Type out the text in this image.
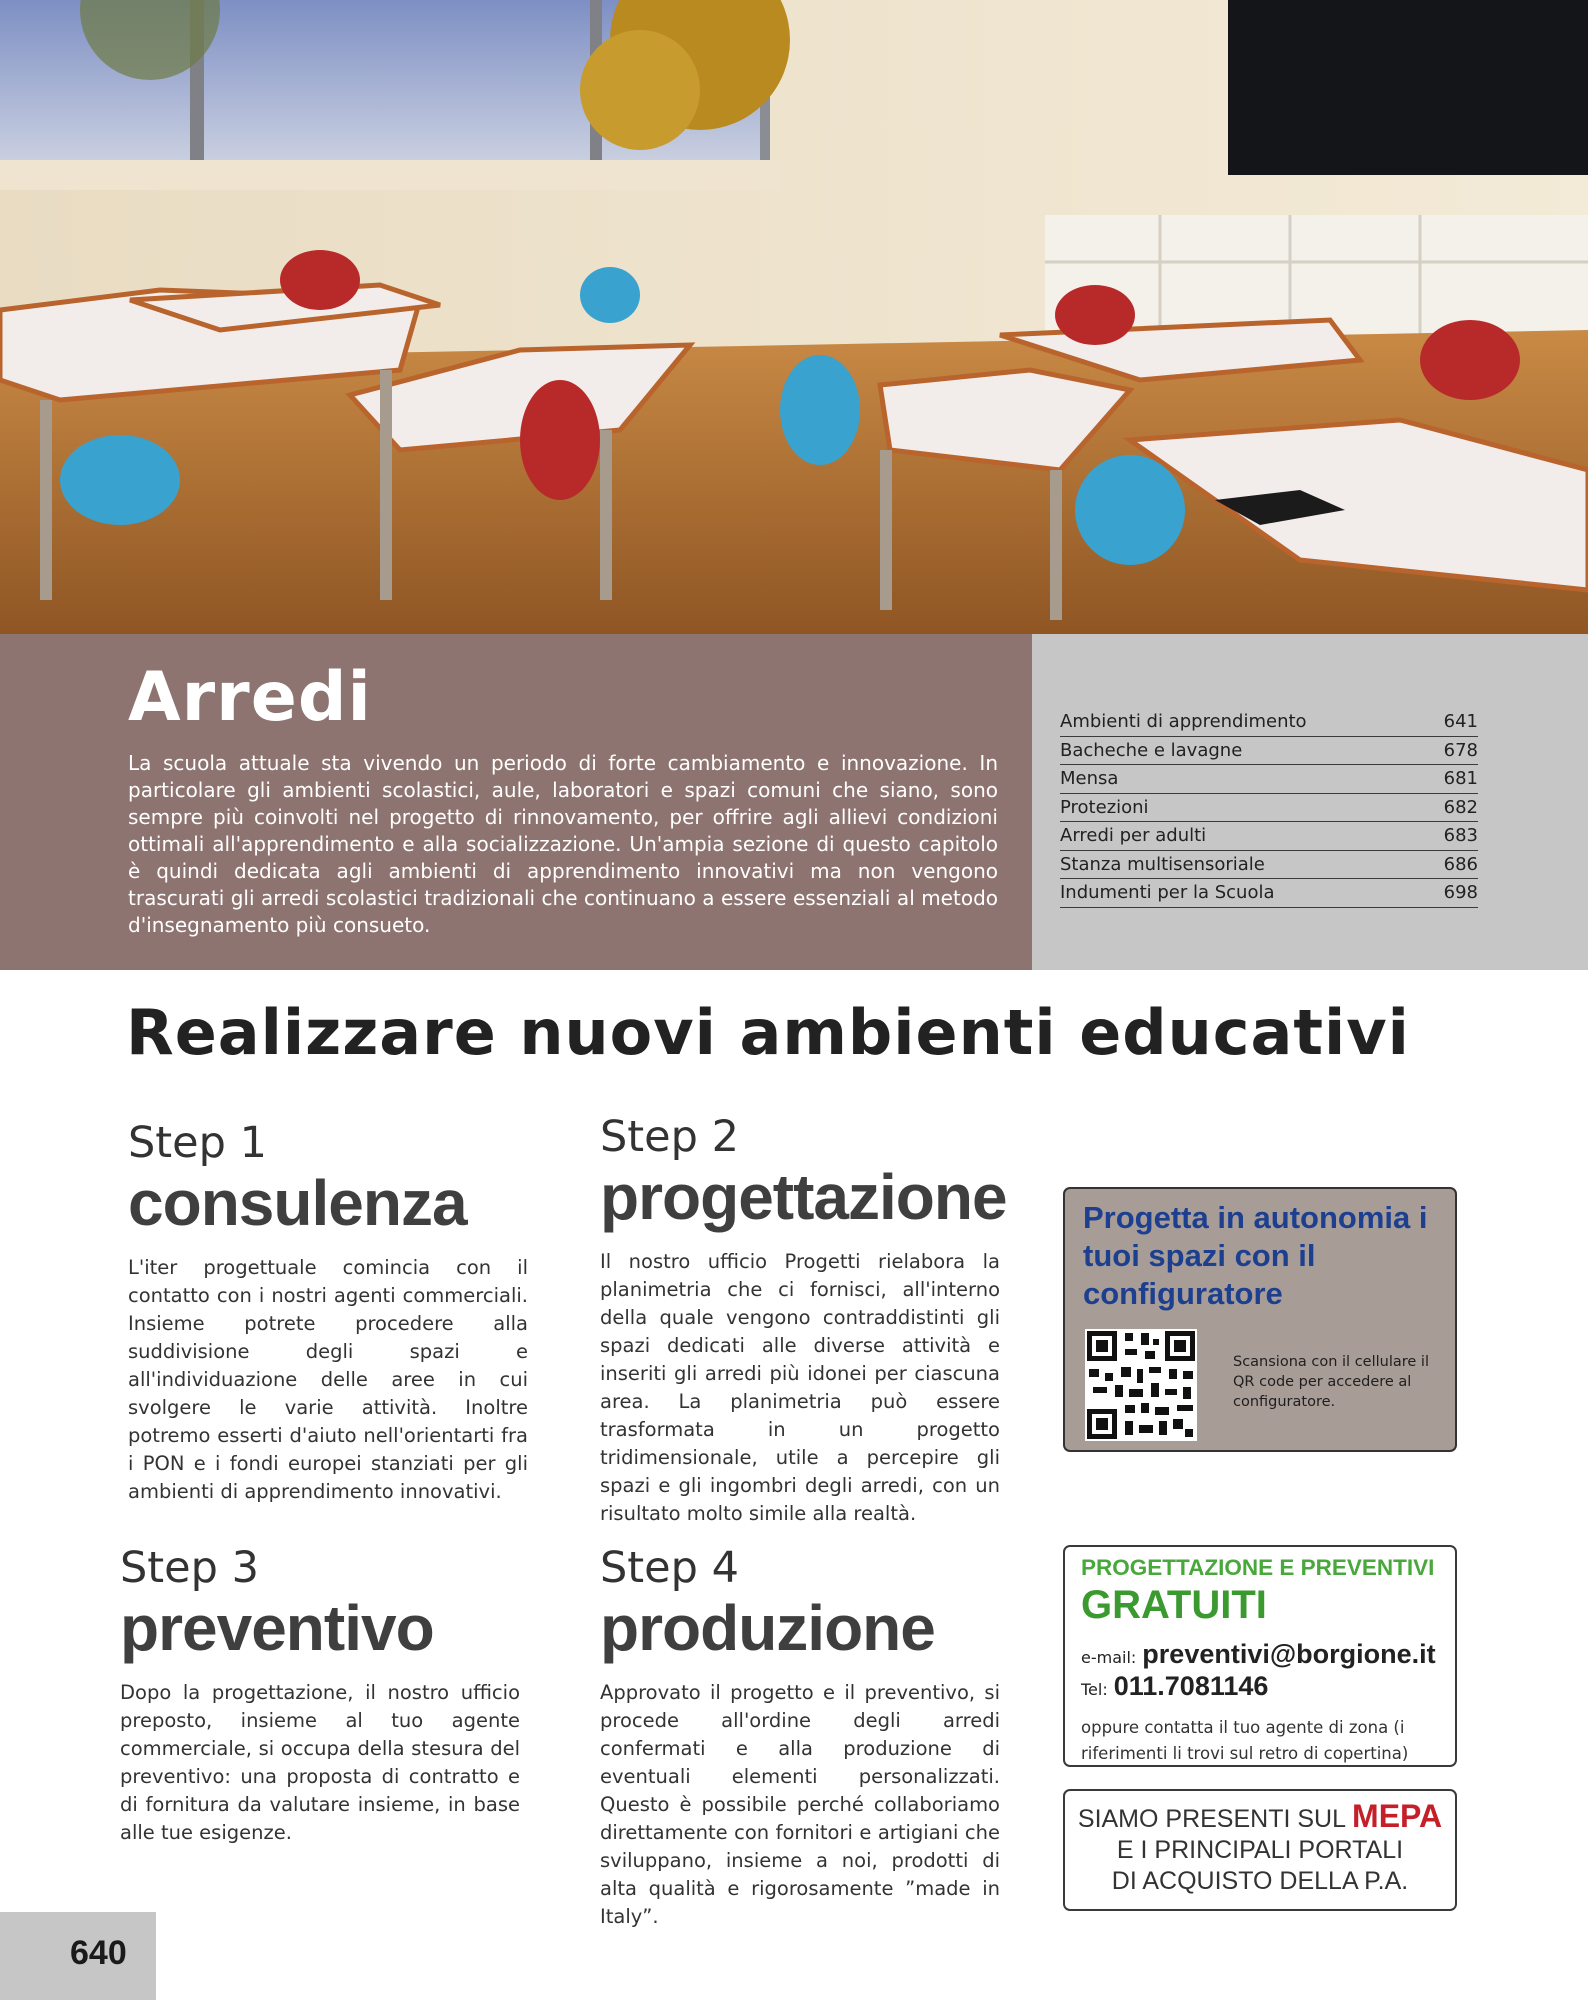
Arredi

La scuola attuale sta vivendo un periodo di forte cambiamento e innovazione. In particolare gli ambienti scolastici, aule, laboratori e spazi comuni che siano, sono sempre più coinvolti nel progetto di rinnovamento, per offrire agli allievi condizioni ottimali all'apprendimento e alla socializzazione. Un'ampia sezione di questo capitolo è quindi dedicata agli ambienti di apprendimento innovativi ma non vengono trascurati gli arredi scolastici tradizionali che continuano a essere essenziali al metodo d'insegnamento più consueto.

Ambienti di apprendimento	641
Bacheche e lavagne	678
Mensa	681
Protezioni	682
Arredi per adulti	683
Stanza multisensoriale	686
Indumenti per la Scuola	698
Realizzare nuovi ambienti educativi
Step 1
consulenza

L'iter progettuale comincia con il contatto con i nostri agenti commerciali. Insieme potrete procedere alla suddivisione degli spazi e all'individuazione delle aree in cui svolgere le varie attività. Inoltre potremo esserti d'aiuto nell'orientarti fra i PON e i fondi europei stanziati per gli ambienti di apprendimento innovativi.

Step 2
progettazione

Il nostro ufficio Progetti rielabora la planimetria che ci fornisci, all'interno della quale vengono contraddistinti gli spazi dedicati alle diverse attività e inseriti gli arredi più idonei per ciascuna area. La planimetria può essere trasformata in un progetto tridimensionale, utile a percepire gli spazi e gli ingombri degli arredi, con un risultato molto simile alla realtà.

Step 3
preventivo

Dopo la progettazione, il nostro ufficio preposto, insieme al tuo agente commerciale, si occupa della stesura del preventivo: una proposta di contratto e di fornitura da valutare insieme, in base alle tue esigenze.

Step 4
produzione

Approvato il progetto e il preventivo, si procede all'ordine degli arredi confermati e alla produzione di eventuali elementi personalizzati. Questo è possibile perché collaboriamo direttamente con fornitori e artigiani che sviluppano, insieme a noi, prodotti di alta qualità e rigorosamente ”made in Italy”.

Progetta in autonomia i tuoi spazi con il configuratore
Scansiona con il cellulare il QR code per accedere al configuratore.
PROGETTAZIONE E PREVENTIVI
GRATUITI
e-mail: preventivi@borgione.it
Tel: 011.7081146
oppure contatta il tuo agente di zona (i riferimenti li trovi sul retro di copertina)
SIAMO PRESENTI SUL MEPA
E I PRINCIPALI PORTALI
DI ACQUISTO DELLA P.A.
640
